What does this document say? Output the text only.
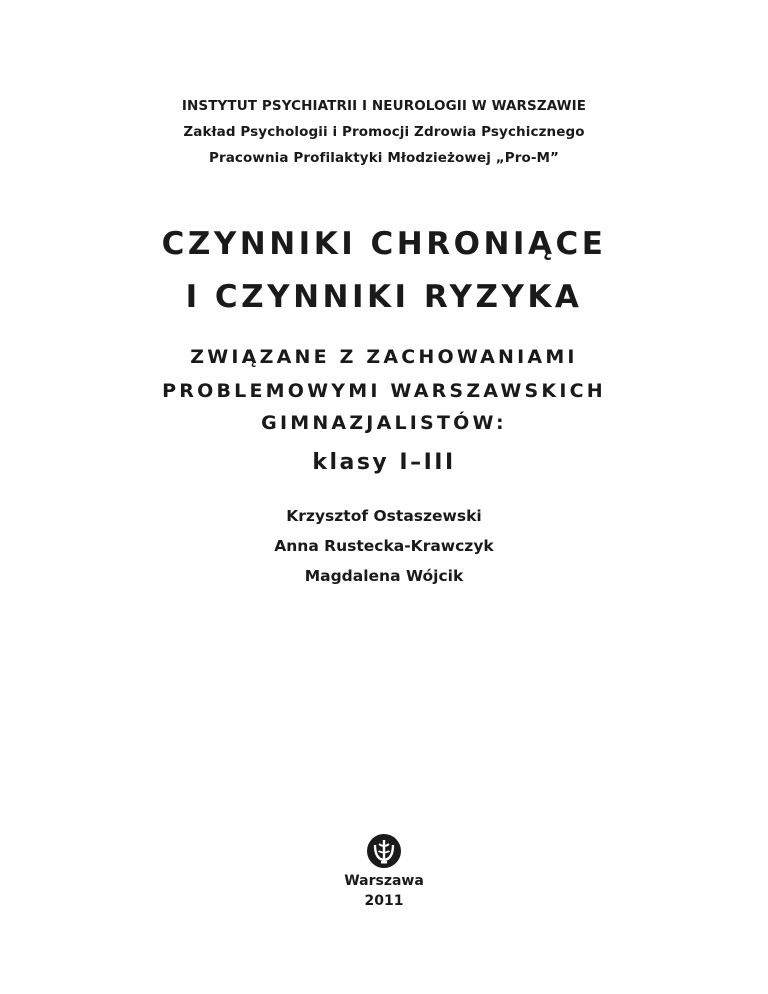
INSTYTUT PSYCHIATRII I NEUROLOGII W WARSZAWIE
Zakład Psychologii i Promocji Zdrowia Psychicznego
Pracownia Profilaktyki Młodzieżowej „Pro-M”
CZYNNIKI CHRONIĄCE
I CZYNNIKI RYZYKA
ZWIĄZANE Z ZACHOWANIAMI
PROBLEMOWYMI WARSZAWSKICH
GIMNAZJALISTÓW:
klasy I–III
Krzysztof Ostaszewski
Anna Rustecka-Krawczyk
Magdalena Wójcik
Warszawa
2011
